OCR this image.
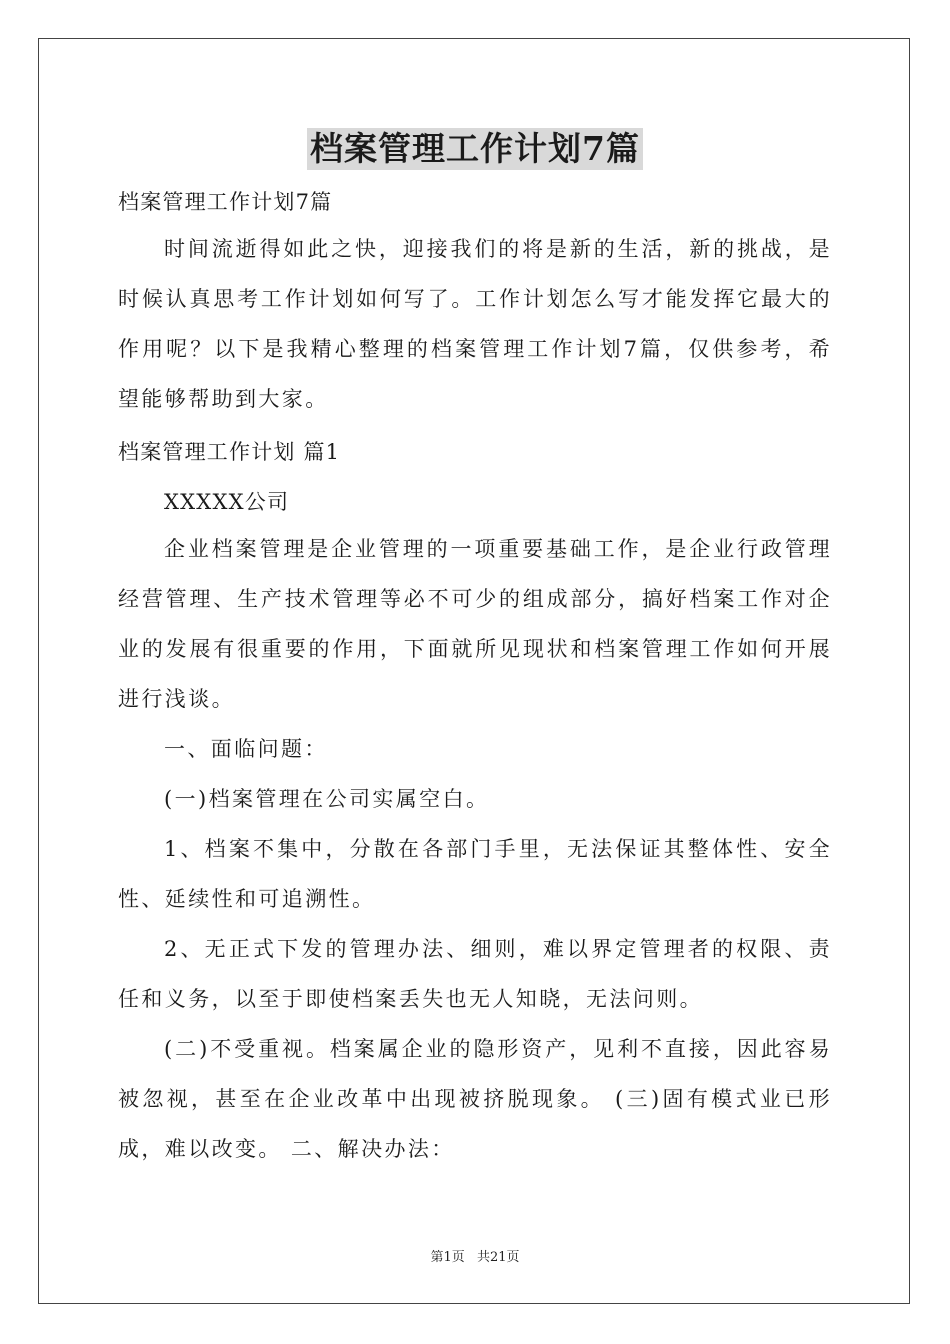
档案管理工作计划7篇
档案管理工作计划7篇
时间流逝得如此之快，迎接我们的将是新的生活，新的挑战，是时候认真思考工作计划如何写了。工作计划怎么写才能发挥它最大的作用呢？以下是我精心整理的档案管理工作计划7篇，仅供参考，希望能够帮助到大家。
档案管理工作计划 篇1
XXXXX公司
企业档案管理是企业管理的一项重要基础工作，是企业行政管理经营管理、生产技术管理等必不可少的组成部分，搞好档案工作对企业的发展有很重要的作用，下面就所见现状和档案管理工作如何开展进行浅谈。
一、面临问题：
(一)档案管理在公司实属空白。
1、档案不集中，分散在各部门手里，无法保证其整体性、安全性、延续性和可追溯性。
2、无正式下发的管理办法、细则，难以界定管理者的权限、责任和义务，以至于即使档案丢失也无人知晓，无法问则。
(二)不受重视。档案属企业的隐形资产，见利不直接，因此容易被忽视，甚至在企业改革中出现被挤脱现象。 (三)固有模式业已形成，难以改变。 二、解决办法：
第1页 共21页
